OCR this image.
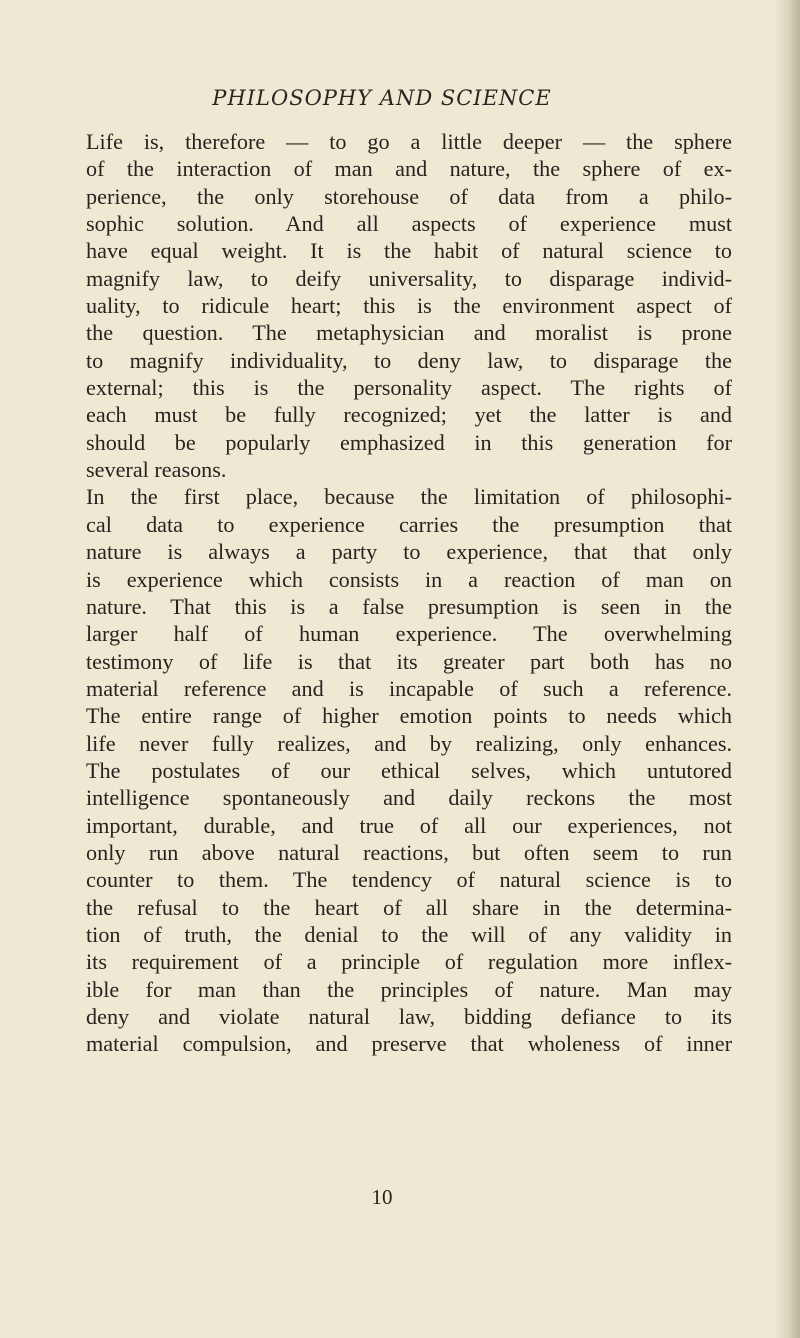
PHILOSOPHY AND SCIENCE

Life is, therefore — to go a little deeper — the sphere
of the interaction of man and nature, the sphere of ex-
perience, the only storehouse of data from a philo-
sophic solution. And all aspects of experience must
have equal weight. It is the habit of natural science to
magnify law, to deify universality, to disparage individ-
uality, to ridicule heart; this is the environment aspect of
the question. The metaphysician and moralist is prone
to magnify individuality, to deny law, to disparage the
external; this is the personality aspect. The rights of
each must be fully recognized; yet the latter is and
should be popularly emphasized in this generation for
several reasons.

In the first place, because the limitation of philosophi-
cal data to experience carries the presumption that
nature is always a party to experience, that that only
is experience which consists in a reaction of man on
nature. That this is a false presumption is seen in the
larger half of human experience. The overwhelming
testimony of life is that its greater part both has no
material reference and is incapable of such a reference.
The entire range of higher emotion points to needs which
life never fully realizes, and by realizing, only enhances.
The postulates of our ethical selves, which untutored
intelligence spontaneously and daily reckons the most
important, durable, and true of all our experiences, not
only run above natural reactions, but often seem to run
counter to them. The tendency of natural science is to
the refusal to the heart of all share in the determina-
tion of truth, the denial to the will of any validity in
its requirement of a principle of regulation more inflex-
ible for man than the principles of nature. Man may
deny and violate natural law, bidding defiance to its
material compulsion, and preserve that wholeness of inner

10
